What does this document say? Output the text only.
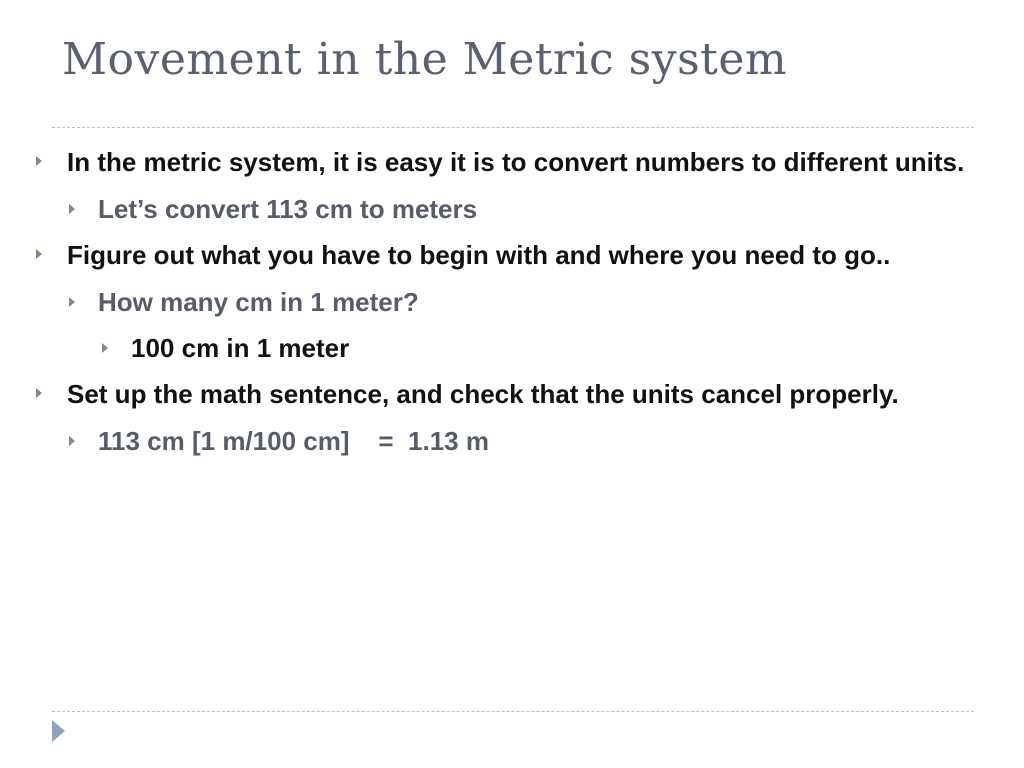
Movement in the Metric system
In the metric system, it is easy it is to convert numbers to different units.
Let’s convert 113 cm to meters
Figure out what you have to begin with and where you need to go..
How many cm in 1 meter?
100 cm in 1 meter
Set up the math sentence, and check that the units cancel properly.
113 cm [1 m/100 cm]    =  1.13 m
